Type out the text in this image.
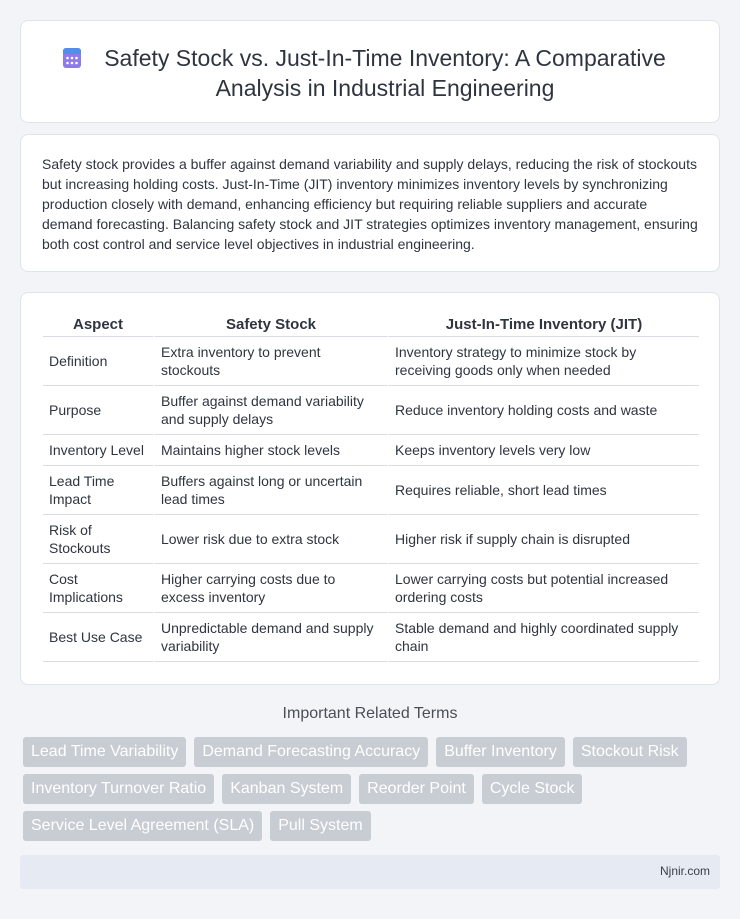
Safety Stock vs. Just-In-Time Inventory: A Comparative Analysis in Industrial Engineering

Safety stock provides a buffer against demand variability and supply delays, reducing the risk of stockouts but increasing holding costs. Just-In-Time (JIT) inventory minimizes inventory levels by synchronizing production closely with demand, enhancing efficiency but requiring reliable suppliers and accurate demand forecasting. Balancing safety stock and JIT strategies optimizes inventory management, ensuring both cost control and service level objectives in industrial engineering.

Aspect	Safety Stock	Just-In-Time Inventory (JIT)
Definition	Extra inventory to prevent stockouts	Inventory strategy to minimize stock by receiving goods only when needed
Purpose	Buffer against demand variability and supply delays	Reduce inventory holding costs and waste
Inventory Level	Maintains higher stock levels	Keeps inventory levels very low
Lead Time Impact	Buffers against long or uncertain lead times	Requires reliable, short lead times
Risk of Stockouts	Lower risk due to extra stock	Higher risk if supply chain is disrupted
Cost Implications	Higher carrying costs due to excess inventory	Lower carrying costs but potential increased ordering costs
Best Use Case	Unpredictable demand and supply variability	Stable demand and highly coordinated supply chain
Important Related Terms
Lead Time Variability	Demand Forecasting Accuracy	Buffer Inventory	Stockout Risk
Inventory Turnover Ratio	Kanban System	Reorder Point	Cycle Stock
Service Level Agreement (SLA)	Pull System
Njnir.com
